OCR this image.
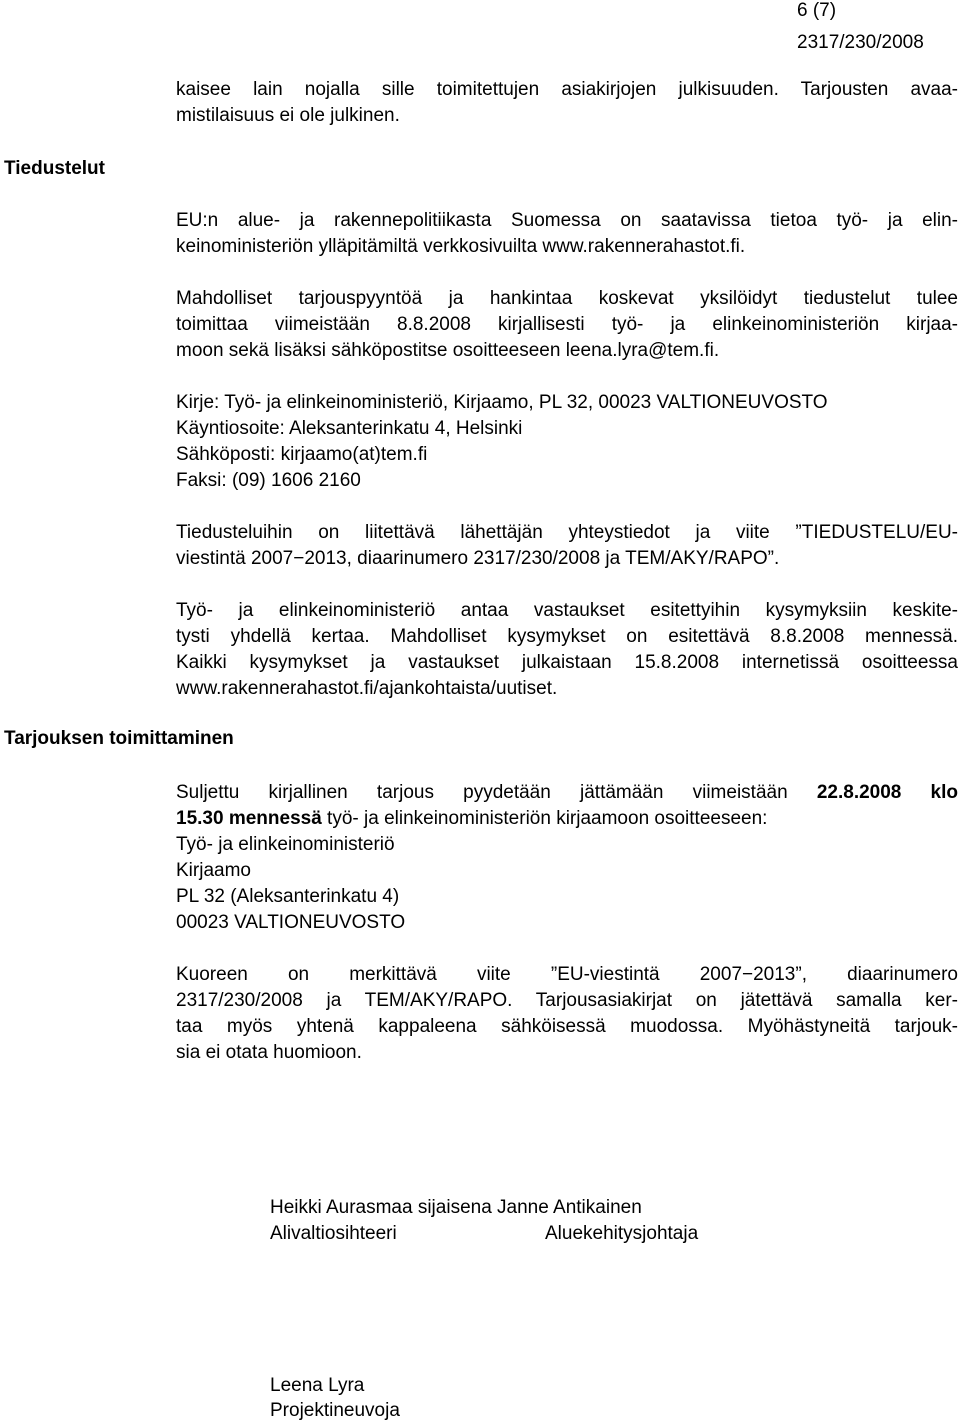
6 (7)
2317/230/2008
Tiedustelut
Tarjouksen toimittaminen
kaisee lain nojalla sille toimitettujen asiakirjojen julkisuuden. Tarjousten avaa-
mistilaisuus ei ole julkinen.
EU:n alue- ja rakennepolitiikasta Suomessa on saatavissa tietoa työ- ja elin-
keinoministeriön ylläpitämiltä verkkosivuilta www.rakennerahastot.fi.
Mahdolliset tarjouspyyntöä ja hankintaa koskevat yksilöidyt tiedustelut tulee
toimittaa viimeistään 8.8.2008 kirjallisesti työ- ja elinkeinoministeriön kirjaa-
moon sekä lisäksi sähköpostitse osoitteeseen leena.lyra@tem.fi.
Kirje: Työ- ja elinkeinoministeriö, Kirjaamo, PL 32, 00023 VALTIONEUVOSTO
Käyntiosoite: Aleksanterinkatu 4, Helsinki
Sähköposti: kirjaamo(at)tem.fi
Faksi: (09) 1606 2160
Tiedusteluihin on liitettävä lähettäjän yhteystiedot ja viite ”TIEDUSTELU/EU-
viestintä 2007−2013, diaarinumero 2317/230/2008 ja TEM/AKY/RAPO”.
Työ- ja elinkeinoministeriö antaa vastaukset esitettyihin kysymyksiin keskite-
tysti yhdellä kertaa. Mahdolliset kysymykset on esitettävä 8.8.2008 mennessä.
Kaikki kysymykset ja vastaukset julkaistaan 15.8.2008 internetissä osoitteessa
www.rakennerahastot.fi/ajankohtaista/uutiset.
Suljettu kirjallinen tarjous pyydetään jättämään viimeistään 22.8.2008 klo
15.30 mennessä työ- ja elinkeinoministeriön kirjaamoon osoitteeseen:
Työ- ja elinkeinoministeriö
Kirjaamo
PL 32 (Aleksanterinkatu 4)
00023 VALTIONEUVOSTO
Kuoreen on merkittävä viite ”EU-viestintä 2007−2013”, diaarinumero
2317/230/2008 ja TEM/AKY/RAPO. Tarjousasiakirjat on jätettävä samalla ker-
taa myös yhtenä kappaleena sähköisessä muodossa. Myöhästyneitä tarjouk-
sia ei otata huomioon.
Heikki Aurasmaa sijaisena Janne Antikainen
Alivaltiosihteeri	Aluekehitysjohtaja
Leena Lyra
Projektineuvoja
